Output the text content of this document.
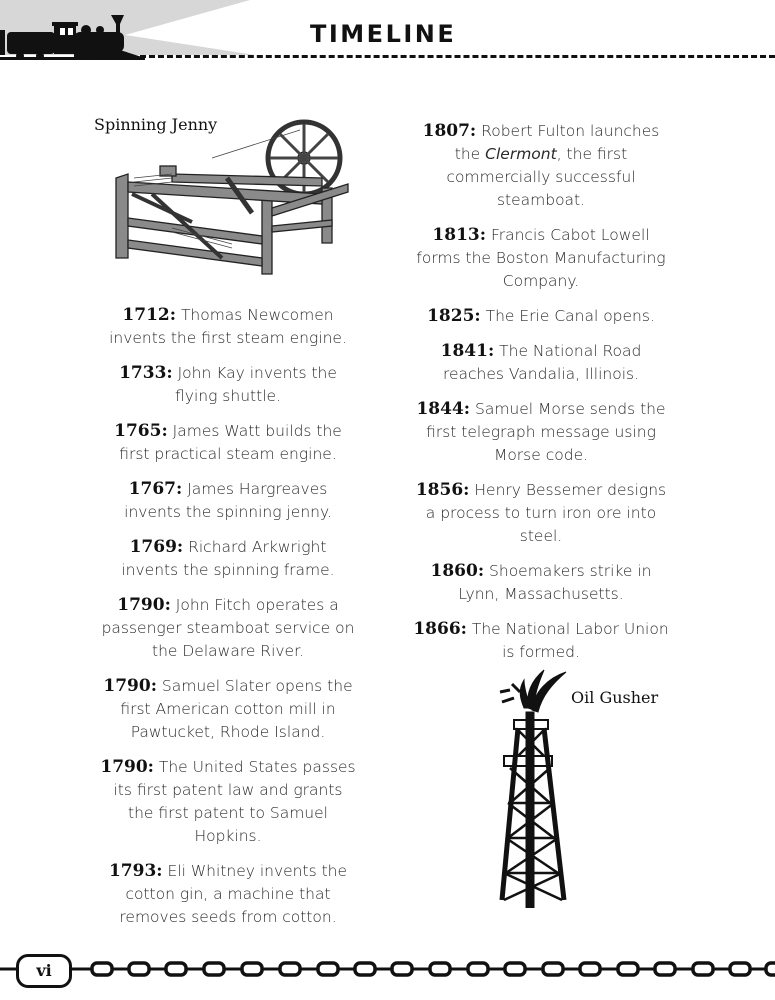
TIMELINE
Spinning Jenny

1712: Thomas Newcomen invents the first steam engine.

1733: John Kay invents the flying shuttle.

1765: James Watt builds the first practical steam engine.

1767: James Hargreaves invents the spinning jenny.

1769: Richard Arkwright invents the spinning frame.

1790: John Fitch operates a passenger steamboat service on the Delaware River.

1790: Samuel Slater opens the first American cotton mill in Pawtucket, Rhode Island.

1790: The United States passes its first patent law and grants the first patent to Samuel Hopkins.

1793: Eli Whitney invents the cotton gin, a machine that removes seeds from cotton.

1807: Robert Fulton launches the Clermont, the first commercially successful steamboat.

1813: Francis Cabot Lowell forms the Boston Manufacturing Company.

1825: The Erie Canal opens.

1841: The National Road reaches Vandalia, Illinois.

1844: Samuel Morse sends the first telegraph message using Morse code.

1856: Henry Bessemer designs a process to turn iron ore into steel.

1860: Shoemakers strike in Lynn, Massachusetts.

1866: The National Labor Union is formed.

Oil Gusher
vi
